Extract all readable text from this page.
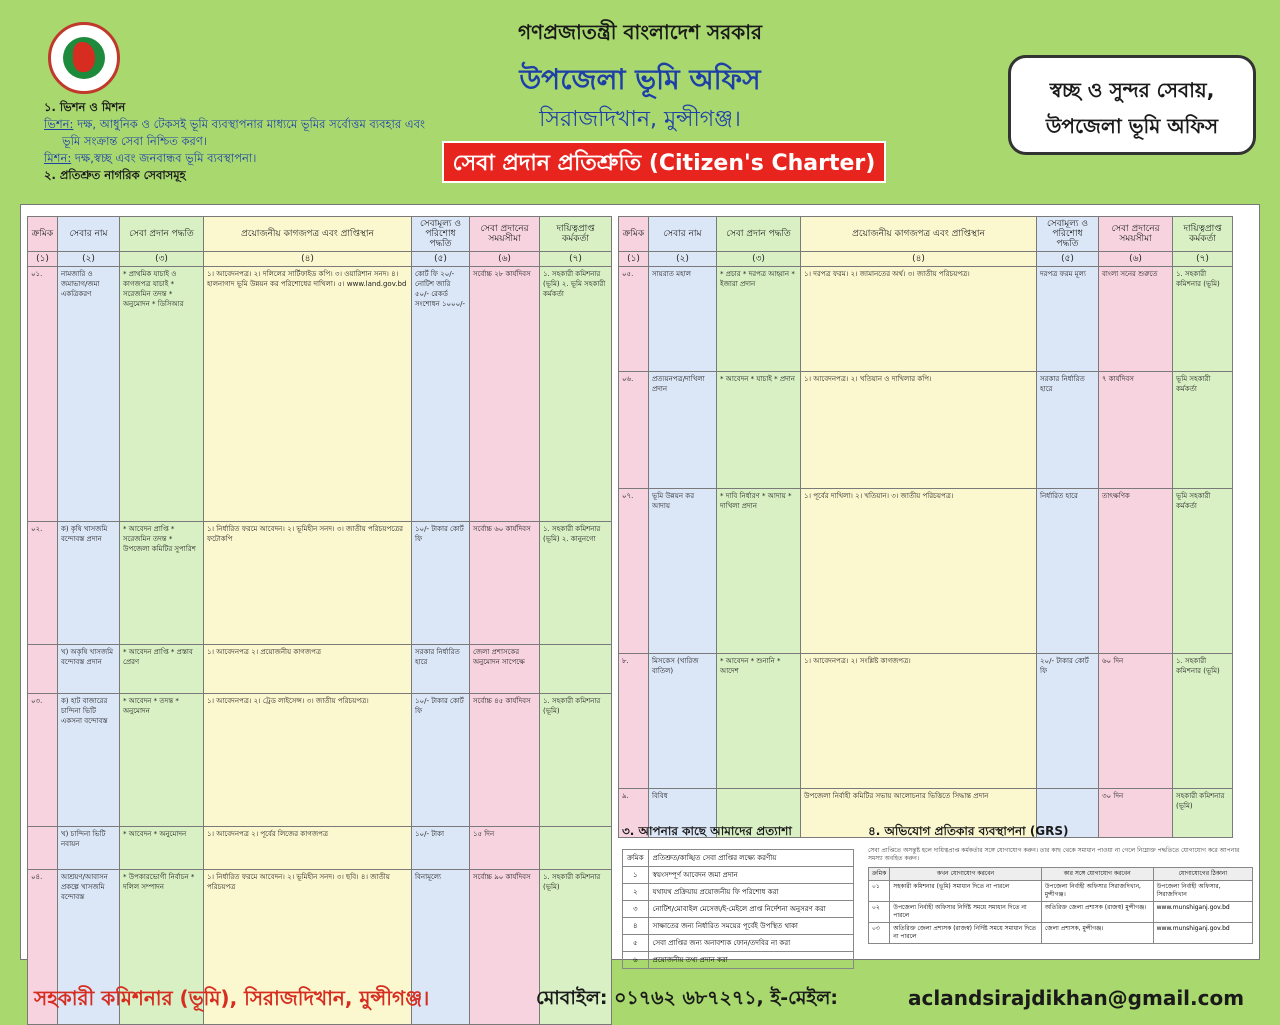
গণপ্রজাতন্ত্রী বাংলাদেশ সরকার
উপজেলা ভূমি অফিস
সিরাজদিখান, মুন্সীগঞ্জ।
সেবা প্রদান প্রতিশ্রুতি (Citizen's Charter)
স্বচ্ছ ও সুন্দর সেবায়,
উপজেলা ভূমি অফিস
১. ভিশন ও মিশন
ভিশন: দক্ষ, আধুনিক ও টেকসই ভূমি ব্যবস্থাপনার মাধ্যমে ভূমির সর্বোত্তম ব্যবহার এবং
ভূমি সংক্রান্ত সেবা নিশ্চিত করণ।
মিশন: দক্ষ,স্বচ্ছ এবং জনবান্ধব ভূমি ব্যবস্থাপনা।
২. প্রতিশ্রুত নাগরিক সেবাসমূহ
ক্রমিক	সেবার নাম	সেবা প্রদান পদ্ধতি	প্রয়োজনীয় কাগজপত্র এবং প্রাপ্তিস্থান	সেবামূল্য ও পরিশোধ পদ্ধতি	সেবা প্রদানের সময়সীমা	দায়িত্বপ্রাপ্ত কর্মকর্তা
(১)	(২)	(৩)	(৪)	(৫)	(৬)	(৭)
০১.	নামজারি ও জমাভাগ/জমা একত্রিকরণ	* প্রাথমিক যাচাই ও কাগজপত্র যাচাই * সরেজমিন তদন্ত * অনুমোদন * ডিসিআর	১। আবেদনপত্র। ২। দলিলের সার্টিফাইড কপি। ৩। ওয়ারিশান সনদ। ৪। হালনাগাদ ভূমি উন্নয়ন কর পরিশোধের দাখিলা। ৫। www.land.gov.bd	কোর্ট ফি ২০/- নোটিশ জারি ৫০/- রেকর্ড সংশোধন ১০০০/-	সর্বোচ্চ ২৮ কার্যদিবস	১. সহকারী কমিশনার (ভূমি) ২. ভূমি সহকারী কর্মকর্তা
০২.	ক) কৃষি খাসজমি বন্দোবস্ত প্রদান	* আবেদন প্রাপ্তি * সরেজমিন তদন্ত * উপজেলা কমিটির সুপারিশ	১। নির্ধারিত ফরমে আবেদন। ২। ভূমিহীন সনদ। ৩। জাতীয় পরিচয়পত্রের ফটোকপি	১০/- টাকার কোর্ট ফি	সর্বোচ্চ ৬০ কার্যদিবস	১. সহকারী কমিশনার (ভূমি) ২. কানুনগো
	খ) অকৃষি খাসজমি বন্দোবস্ত প্রদান	* আবেদন প্রাপ্তি * প্রস্তাব প্রেরণ	১। আবেদনপত্র ২। প্রয়োজনীয় কাগজপত্র	সরকার নির্ধারিত হারে	জেলা প্রশাসকের অনুমোদন সাপেক্ষে	
০৩.	ক) হাট বাজারের চান্দিনা ভিটি একসনা বন্দোবস্ত	* আবেদন * তদন্ত * অনুমোদন	১। আবেদনপত্র। ২। ট্রেড লাইসেন্স। ৩। জাতীয় পরিচয়পত্র।	১০/- টাকার কোর্ট ফি	সর্বোচ্চ ৪৫ কার্যদিবস	১. সহকারী কমিশনার (ভূমি)
	খ) চান্দিনা ভিটি নবায়ন	* আবেদন * অনুমোদন	১। আবেদনপত্র ২। পূর্বের লিজের কাগজপত্র	১০/- টাকা	১৫ দিন	
০৪.	আশ্রয়ণ/আবাসন প্রকল্পে খাসজমি বন্দোবস্ত	* উপকারভোগী নির্বাচন * দলিল সম্পাদন	১। নির্ধারিত ফরমে আবেদন। ২। ভূমিহীন সনদ। ৩। ছবি। ৪। জাতীয় পরিচয়পত্র	বিনামূল্যে	সর্বোচ্চ ৯০ কার্যদিবস	১. সহকারী কমিশনার (ভূমি)
ক্রমিক	সেবার নাম	সেবা প্রদান পদ্ধতি	প্রয়োজনীয় কাগজপত্র এবং প্রাপ্তিস্থান	সেবামূল্য ও পরিশোধ পদ্ধতি	সেবা প্রদানের সময়সীমা	দায়িত্বপ্রাপ্ত কর্মকর্তা
(১)	(২)	(৩)	(৪)	(৫)	(৬)	(৭)
০৫.	সায়রাত মহাল	* প্রচার * দরপত্র আহ্বান * ইজারা প্রদান	১। দরপত্র ফরম। ২। জামানতের অর্থ। ৩। জাতীয় পরিচয়পত্র।	দরপত্র ফরম মূল্য	বাংলা সনের শুরুতে	১. সহকারী কমিশনার (ভূমি)
০৬.	প্রত্যয়নপত্র/দাখিলা প্রদান	* আবেদন * যাচাই * প্রদান	১। আবেদনপত্র। ২। খতিয়ান ও দাখিলার কপি।	সরকার নির্ধারিত হারে	৭ কার্যদিবস	ভূমি সহকারী কর্মকর্তা
০৭.	ভূমি উন্নয়ন কর আদায়	* দাবি নির্ধারণ * আদায় * দাখিলা প্রদান	১। পূর্বের দাখিলা। ২। খতিয়ান। ৩। জাতীয় পরিচয়পত্র।	নির্ধারিত হারে	তাৎক্ষণিক	ভূমি সহকারী কর্মকর্তা
৮.	মিসকেস (খারিজ বাতিল)	* আবেদন * শুনানি * আদেশ	১। আবেদনপত্র। ২। সংশ্লিষ্ট কাগজপত্র।	২০/- টাকার কোর্ট ফি	৬০ দিন	১. সহকারী কমিশনার (ভূমি)
৯.	বিবিধ		উপজেলা নির্বাহী কমিটির সভায় আলোচনার ভিত্তিতে সিদ্ধান্ত প্রদান		৩০ দিন	সহকারী কমিশনার (ভূমি)
৩. আপনার কাছে আমাদের প্রত্যাশা
ক্রমিক	প্রতিশ্রুত/কাঙ্খিত সেবা প্রাপ্তির লক্ষ্যে করণীয়
১	স্বয়ংসম্পূর্ণ আবেদন জমা প্রদান
২	যথাযথ প্রক্রিয়ায় প্রয়োজনীয় ফি পরিশোধ করা
৩	নোটিশ/মোবাইল মেসেজ/ই-মেইলে প্রাপ্ত নির্দেশনা অনুসরণ করা
৪	সাক্ষাতের জন্য নির্ধারিত সময়ের পূর্বেই উপস্থিত থাকা
৫	সেবা প্রাপ্তির জন্য অনাবশ্যক ফোন/তদবির না করা
৬	প্রয়োজনীয় তথ্য প্রদান করা
৪. অভিযোগ প্রতিকার ব্যবস্থাপনা (GRS)
সেবা প্রাপ্তিতে অসন্তুষ্ট হলে দায়িত্বপ্রাপ্ত কর্মকর্তার সঙ্গে যোগাযোগ করুন। তার কাছ থেকে সমাধান পাওয়া না গেলে নিম্নোক্ত পদ্ধতিতে যোগাযোগ করে আপনার সমস্যা অবহিত করুন।
ক্রমিক	কখন যোগাযোগ করবেন	কার সঙ্গে যোগাযোগ করবেন	যোগাযোগের ঠিকানা
০১	সহকারী কমিশনার (ভূমি) সমাধান দিতে না পারলে	উপজেলা নির্বাহী অফিসার সিরাজদিখান, মুন্সীগঞ্জ।	উপজেলা নির্বাহী অফিসার, সিরাজদিখান
০২	উপজেলা নির্বাহী অফিসার নির্দিষ্ট সময়ে সমাধান দিতে না পারলে	অতিরিক্ত জেলা প্রশাসক (রাজস্ব) মুন্সীগঞ্জ।	www.munshiganj.gov.bd
০৩	অতিরিক্ত জেলা প্রশাসক (রাজস্ব) নির্দিষ্ট সময়ে সমাধান দিতে না পারলে	জেলা প্রশাসক, মুন্সীগঞ্জ।	www.munshiganj.gov.bd
সহকারী কমিশনার (ভূমি), সিরাজদিখান, মুন্সীগঞ্জ।	মোবাইল: ০১৭৬২ ৬৮৭২৭১, ই-মেইল:	aclandsirajdikhan@gmail.com
